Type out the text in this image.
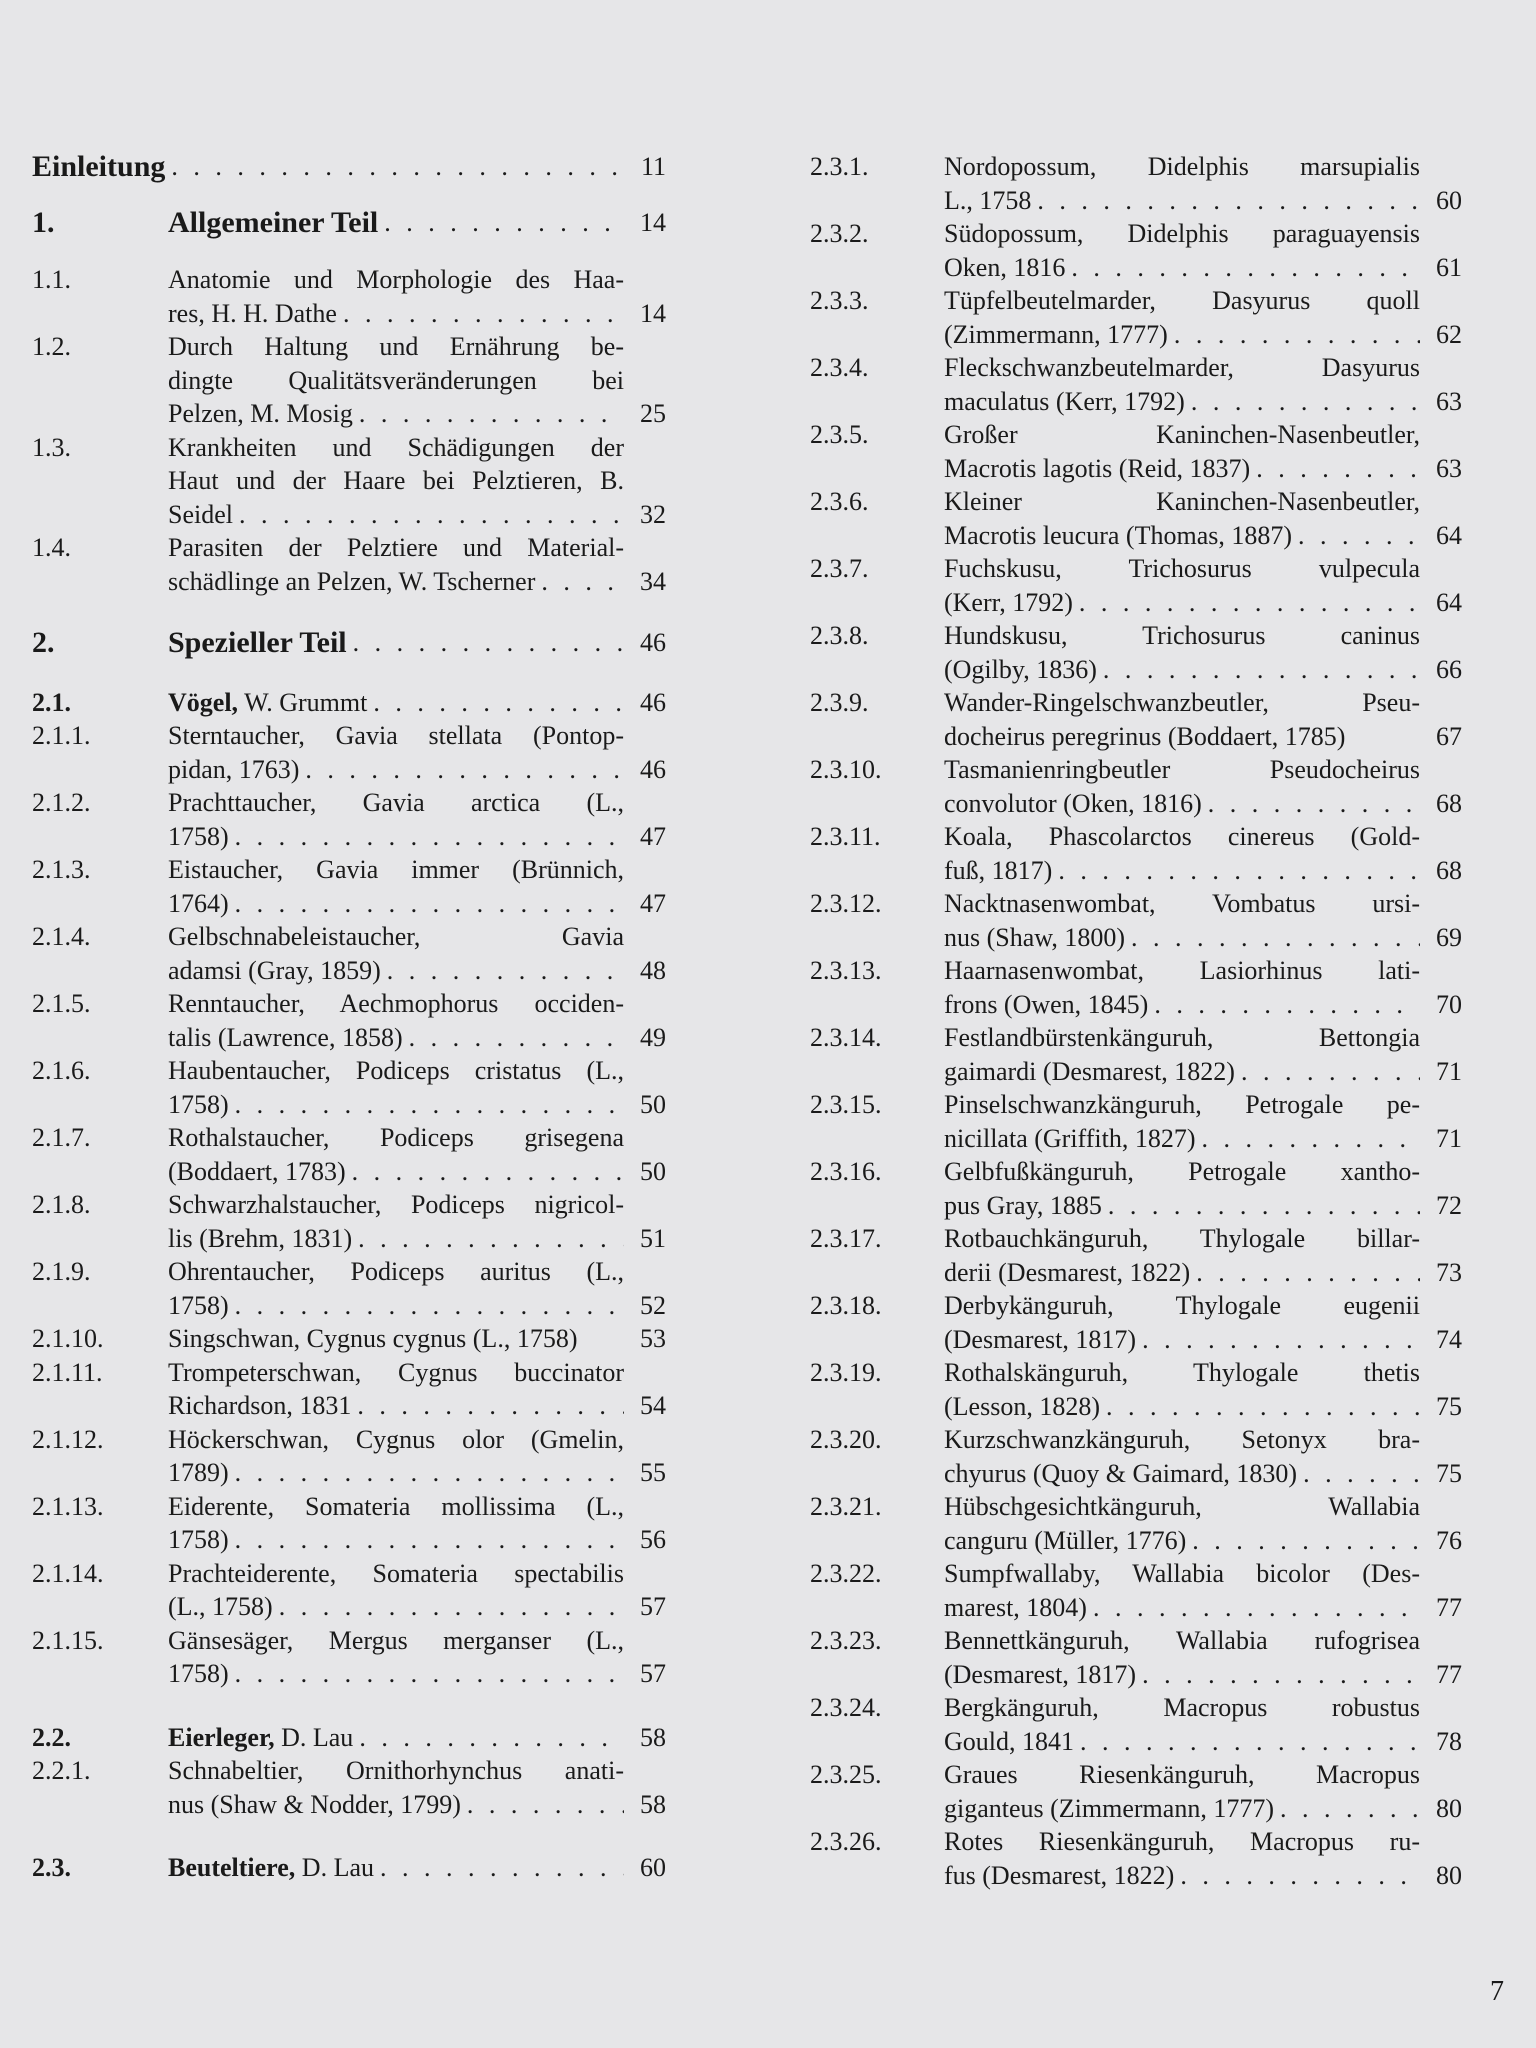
Einleitung . . .	11
1.	Allgemeiner Teil . . .	14
1.1.	Anatomie und Morphologie des Haa-
res, H. H. Dathe . . .	14
1.2.	Durch Haltung und Ernährung be-
dingte Qualitätsveränderungen bei
Pelzen, M. Mosig . . .	25
1.3.	Krankheiten und Schädigungen der
Haut und der Haare bei Pelztieren, B.
Seidel . . .	32
1.4.	Parasiten der Pelztiere und Material-
schädlinge an Pelzen, W. Tscherner . . .	34
2.	Spezieller Teil . . .	46
2.1.	Vögel, W. Grummt . . .	46
2.1.1.	Sterntaucher, Gavia stellata (Pontop-
pidan, 1763) . . .	46
2.1.2.	Prachttaucher, Gavia arctica (L.,
1758) . . .	47
2.1.3.	Eistaucher, Gavia immer (Brünnich,
1764) . . .	47
2.1.4.	Gelbschnabeleistaucher, Gavia
adamsi (Gray, 1859) . . .	48
2.1.5.	Renntaucher, Aechmophorus occiden-
talis (Lawrence, 1858) . . .	49
2.1.6.	Haubentaucher, Podiceps cristatus (L.,
1758) . . .	50
2.1.7.	Rothalstaucher, Podiceps grisegena
(Boddaert, 1783) . . .	50
2.1.8.	Schwarzhalstaucher, Podiceps nigricol-
lis (Brehm, 1831) . . .	51
2.1.9.	Ohrentaucher, Podiceps auritus (L.,
1758) . . .	52
2.1.10. Singschwan, Cygnus cygnus (L., 1758) 53
2.1.11.	Trompeterschwan, Cygnus buccinator
Richardson, 1831 . . .	54
2.1.12. Höckerschwan, Cygnus olor (Gmelin,
1789) . . .	55
2.1.13. Eiderente, Somateria mollissima (L.,
1758) . . .	56
2.1.14. Prachteiderente, Somateria spectabilis
(L., 1758) . . .	57
2.1.15. Gänsesäger, Mergus merganser (L.,
1758) . . .	57
2.2.	Eierleger, D. Lau . . .	58
2.2.1.	Schnabeltier, Ornithorhynchus anati-
nus (Shaw & Nodder, 1799) . . .	58
2.3.	Beuteltiere, D. Lau . . .	60
2.3.1.	Nordopossum, Didelphis marsupialis
L., 1758 . . .	60
2.3.2.	Südopossum, Didelphis paraguayensis
Oken, 1816 . . .	61
2.3.3.	Tüpfelbeutelmarder, Dasyurus quoll
(Zimmermann, 1777) . . .	62
2.3.4.	Fleckschwanzbeutelmarder, Dasyurus
maculatus (Kerr, 1792) . . .	63
2.3.5.	Großer Kaninchen-Nasenbeutler,
Macrotis lagotis (Reid, 1837) . . .	63
2.3.6.	Kleiner Kaninchen-Nasenbeutler,
Macrotis leucura (Thomas, 1887) . . .	64
2.3.7.	Fuchskusu, Trichosurus vulpecula
(Kerr, 1792) . . .	64
2.3.8.	Hundskusu, Trichosurus caninus
(Ogilby, 1836) . . .	66
2.3.9.	Wander-Ringelschwanzbeutler, Pseu-
docheirus peregrinus (Boddaert, 1785)	67
2.3.10. Tasmanienringbeutler Pseudocheirus
convolutor (Oken, 1816) . . .	68
2.3.11. Koala, Phascolarctos cinereus (Gold-
fuß, 1817) . . .	68
2.3.12. Nacktnasenwombat, Vombatus ursi-
nus (Shaw, 1800) . . .	69
2.3.13. Haarnasenwombat, Lasiorhinus lati-
frons (Owen, 1845) . . .	70
2.3.14. Festlandbürstenkänguruh, Bettongia
gaimardi (Desmarest, 1822) . . .	71
2.3.15. Pinselschwanzkänguruh, Petrogale pe-
nicillata (Griffith, 1827) . . .	71
2.3.16. Gelbfußkänguruh, Petrogale xantho-
pus Gray, 1885 . . .	72
2.3.17. Rotbauchkänguruh, Thylogale billar-
derii (Desmarest, 1822) . . .	73
2.3.18. Derbykänguruh, Thylogale eugenii
(Desmarest, 1817) . . .	74
2.3.19. Rothalskänguruh, Thylogale thetis
(Lesson, 1828) . . .	75
2.3.20. Kurzschwanzkänguruh, Setonyx bra-
chyurus (Quoy & Gaimard, 1830) . . .	75
2.3.21. Hübschgesichtkänguruh, Wallabia
canguru (Müller, 1776) . . .	76
2.3.22. Sumpfwallaby, Wallabia bicolor (Des-
marest, 1804) . . .	77
2.3.23. Bennettkänguruh, Wallabia rufogrisea
(Desmarest, 1817) . . .	77
2.3.24. Bergkänguruh, Macropus robustus
Gould, 1841 . . .	78
2.3.25. Graues Riesenkänguruh, Macropus
giganteus (Zimmermann, 1777) . . .	80
2.3.26. Rotes Riesenkänguruh, Macropus ru-
fus (Desmarest, 1822) . . .	80
7
